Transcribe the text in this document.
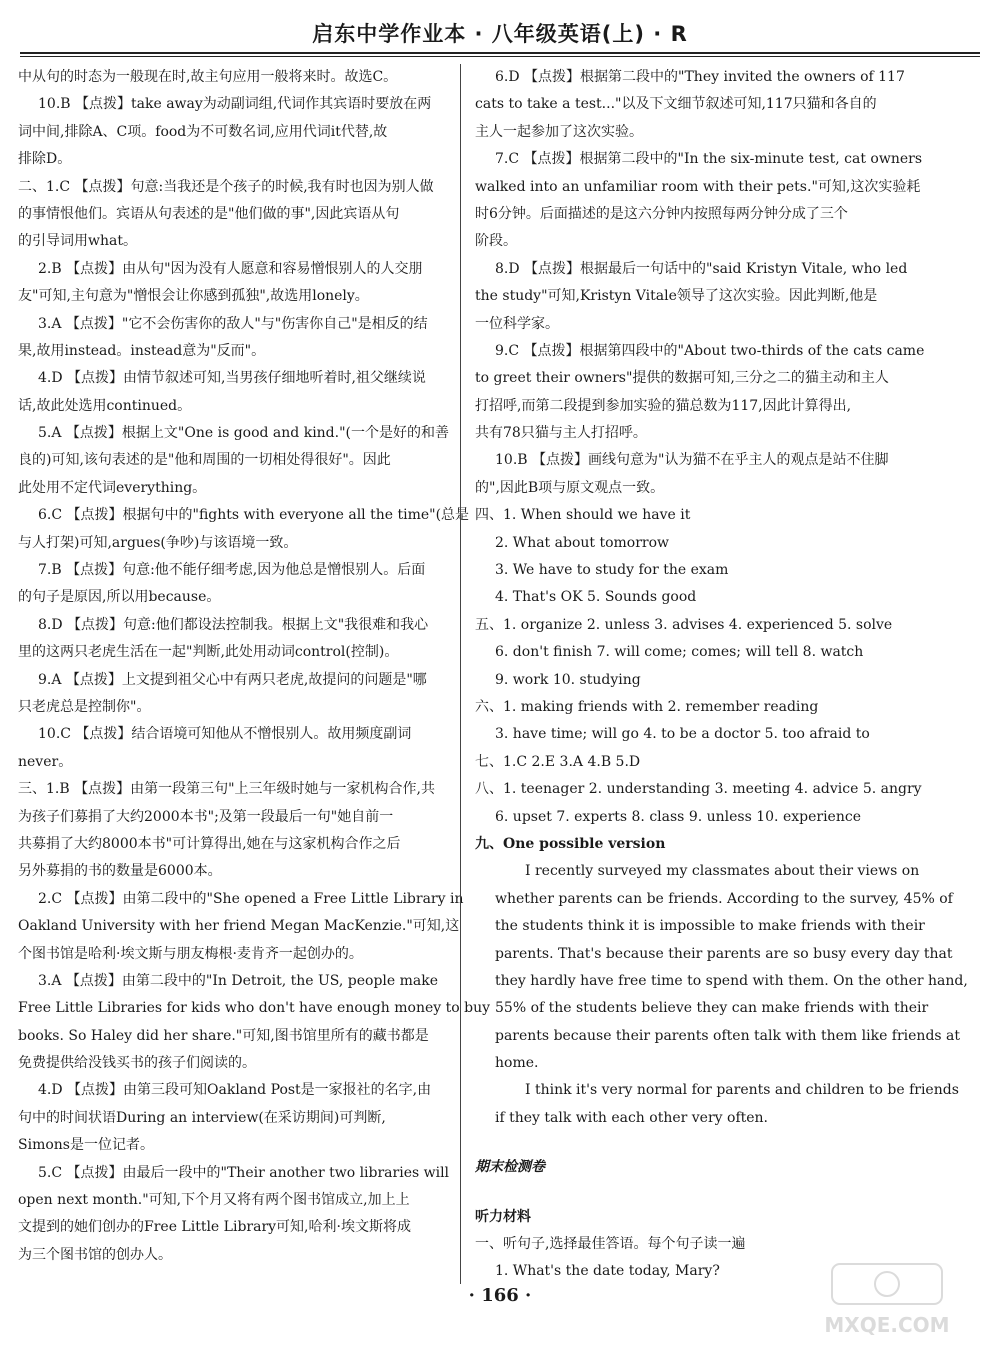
启东中学作业本 · 八年级英语(上) · R
中从句的时态为一般现在时,故主句应用一般将来时。故选C。
10.B 【点拨】take away为动副词组,代词作其宾语时要放在两
词中间,排除A、C项。food为不可数名词,应用代词it代替,故
排除D。
二、1.C 【点拨】句意:当我还是个孩子的时候,我有时也因为别人做
的事情恨他们。宾语从句表述的是"他们做的事",因此宾语从句
的引导词用what。
2.B 【点拨】由从句"因为没有人愿意和容易憎恨别人的人交朋
友"可知,主句意为"憎恨会让你感到孤独",故选用lonely。
3.A 【点拨】"它不会伤害你的敌人"与"伤害你自己"是相反的结
果,故用instead。instead意为"反而"。
4.D 【点拨】由情节叙述可知,当男孩仔细地听着时,祖父继续说
话,故此处选用continued。
5.A 【点拨】根据上文"One is good and kind."(一个是好的和善
良的)可知,该句表述的是"他和周围的一切相处得很好"。因此
此处用不定代词everything。
6.C 【点拨】根据句中的"fights with everyone all the time"(总是
与人打架)可知,argues(争吵)与该语境一致。
7.B 【点拨】句意:他不能仔细考虑,因为他总是憎恨别人。后面
的句子是原因,所以用because。
8.D 【点拨】句意:他们都设法控制我。根据上文"我很难和我心
里的这两只老虎生活在一起"判断,此处用动词control(控制)。
9.A 【点拨】上文提到祖父心中有两只老虎,故提问的问题是"哪
只老虎总是控制你"。
10.C 【点拨】结合语境可知他从不憎恨别人。故用频度副词
never。
三、1.B 【点拨】由第一段第三句"上三年级时她与一家机构合作,共
为孩子们募捐了大约2000本书";及第一段最后一句"她自前一
共募捐了大约8000本书"可计算得出,她在与这家机构合作之后
另外募捐的书的数量是6000本。
2.C 【点拨】由第二段中的"She opened a Free Little Library in
Oakland University with her friend Megan MacKenzie."可知,这
个图书馆是哈利·埃文斯与朋友梅根·麦肯齐一起创办的。
3.A 【点拨】由第二段中的"In Detroit, the US, people make
Free Little Libraries for kids who don't have enough money to buy
books. So Haley did her share."可知,图书馆里所有的藏书都是
免费提供给没钱买书的孩子们阅读的。
4.D 【点拨】由第三段可知Oakland Post是一家报社的名字,由
句中的时间状语During an interview(在采访期间)可判断,
Simons是一位记者。
5.C 【点拨】由最后一段中的"Their another two libraries will
open next month."可知,下个月又将有两个图书馆成立,加上上
文提到的她们创办的Free Little Library可知,哈利·埃文斯将成
为三个图书馆的创办人。
6.D 【点拨】根据第二段中的"They invited the owners of 117
cats to take a test..."以及下文细节叙述可知,117只猫和各自的
主人一起参加了这次实验。
7.C 【点拨】根据第二段中的"In the six-minute test, cat owners
walked into an unfamiliar room with their pets."可知,这次实验耗
时6分钟。后面描述的是这六分钟内按照每两分钟分成了三个
阶段。
8.D 【点拨】根据最后一句话中的"said Kristyn Vitale, who led
the study"可知,Kristyn Vitale领导了这次实验。因此判断,他是
一位科学家。
9.C 【点拨】根据第四段中的"About two-thirds of the cats came
to greet their owners"提供的数据可知,三分之二的猫主动和主人
打招呼,而第二段提到参加实验的猫总数为117,因此计算得出,
共有78只猫与主人打招呼。
10.B 【点拨】画线句意为"认为猫不在乎主人的观点是站不住脚
的",因此B项与原文观点一致。
四、1. When should we have it
2. What about tomorrow
3. We have to study for the exam
4. That's OK 5. Sounds good
五、1. organize 2. unless 3. advises 4. experienced 5. solve
6. don't finish 7. will come; comes; will tell 8. watch
9. work 10. studying
六、1. making friends with 2. remember reading
3. have time; will go 4. to be a doctor 5. too afraid to
七、1.C 2.E 3.A 4.B 5.D
八、1. teenager 2. understanding 3. meeting 4. advice 5. angry
6. upset 7. experts 8. class 9. unless 10. experience
九、One possible version
I recently surveyed my classmates about their views on
whether parents can be friends. According to the survey, 45% of
the students think it is impossible to make friends with their
parents. That's because their parents are so busy every day that
they hardly have free time to spend with them. On the other hand,
55% of the students believe they can make friends with their
parents because their parents often talk with them like friends at
home.
I think it's very normal for parents and children to be friends
if they talk with each other very often.
期末检测卷
听力材料
一、听句子,选择最佳答语。每个句子读一遍
1. What's the date today, Mary?
· 166 ·
MXQE.COM
